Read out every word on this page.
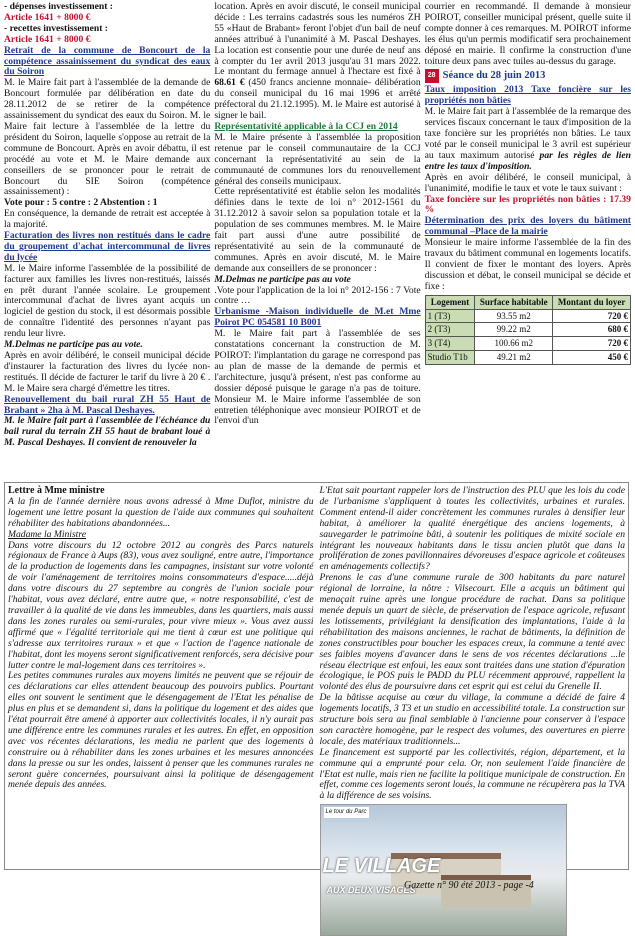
- dépenses investissement :

Article 1641 + 8000 €

- recettes investissement :

Article 1641 + 8000 €

Retrait de la commune de Boncourt de la compétence assainissement du syndicat des eaux du Soiron

M. le Maire fait part à l'assemblée de la demande de Boncourt formulée par délibération en date du 28.11.2012 de se retirer de la compétence assainissement du syndicat des eaux du Soiron. M. le Maire fait lecture à l'assemblée de la lettre du président du Soiron, laquelle s'oppose au retrait de la commune de Boncourt. Après en avoir débattu, il est procédé au vote et M. le Maire demande aux conseillers de se prononcer pour le retrait de Boncourt du SIE Soiron (compétence assainissement) :

Vote pour : 5 contre : 2 Abstention : 1

En conséquence, la demande de retrait est acceptée à la majorité.

Facturation des livres non restitués dans le cadre du groupement d'achat intercommunal de livres du lycée

M. le Maire informe l'assemblée de la possibilité de facturer aux familles les livres non-restitués, laissés en prêt durant l'année scolaire. Le groupement intercommunal d'achat de livres ayant acquis un logiciel de gestion du stock, il est désormais possible de connaître l'identité des personnes n'ayant pas rendu leur livre.

M.Delmas ne participe pas au vote.

Après en avoir délibéré, le conseil municipal décide d'instaurer la facturation des livres du lycée non-restitués. Il décide de facturer le tarif du livre à 20 € . M. le Maire sera chargé d'émettre les titres.

Renouvellement du bail rural ZH 55 Haut de Brabant » 2ha à M. Pascal Deshayes.

M. le Maire fait part à l'assemblée de l'échéance du bail rural du terrain ZH 55 haut de brabant loué à M. Pascal Deshayes. Il convient de renouveler la

location. Après en avoir discuté, le conseil municipal décide : Les terrains cadastrés sous les numéros ZH 55 «Haut de Brabant» feront l'objet d'un bail de neuf années attribué à l'unanimité à M. Pascal Deshayes. La location est consentie pour une durée de neuf ans à compter du 1er avril 2013 jusqu'au 31 mars 2022. Le montant du fermage annuel à l'hectare est fixé à 68.61 € (450 francs ancienne monnaie- délibération du conseil municipal du 16 mai 1996 et arrêté préfectoral du 21.12.1995). M. le Maire est autorisé à signer le bail.

Représentativité applicable à la CCJ en 2014

M. le Maire présente à l'assemblée la proposition retenue par le conseil communautaire de la CCJ concernant la représentativité au sein de la communauté de communes lors du renouvellement général des conseils municipaux.

Cette représentativité est établie selon les modalités définies dans le texte de loi n° 2012-1561 du 31.12.2012 à savoir selon sa population totale et la population de ses communes membres. M. le Maire fait part aussi d'une autre possibilité de représentativité au sein de la communauté de communes. Après en avoir discuté, M. le Maire demande aux conseillers de se prononcer :

M.Delmas ne participe pas au vote

.Vote pour l'application de la loi n° 2012-156 : 7 Vote contre …

Urbanisme -Maison individuelle de M.et Mme Poirot PC 054581 10 B001

M. le Maire fait part à l'assemblée de ses constatations concernant la construction de M. POIROT: l'implantation du garage ne correspond pas au plan de masse de la demande de permis et l'architecture, jusqu'à présent, n'est pas conforme au dossier déposé puisque le garage n'a pas de toiture. Monsieur M. le Maire informe l'assemblée de son entretien téléphonique avec monsieur POIROT et de l'envoi d'un

courrier en recommandé. Il demande à monsieur POIROT, conseiller municipal présent, quelle suite il compte donner à ces remarques. M. POIROT informe les élus qu'un permis modificatif sera prochainement déposé en mairie. Il confirme la construction d'une toiture deux pans avec tuiles au-dessus du garage.

28 Séance du 28 juin 2013

Taux imposition 2013 Taxe foncière sur les propriétés non bâties

M. le Maire fait part à l'assemblée de la remarque des services fiscaux concernant le taux d'imposition de la taxe foncière sur les propriétés non bâties. Le taux voté par le conseil municipal le 3 avril est supérieur au taux maximum autorisé par les règles de lien entre les taux d'imposition.

Après en avoir délibéré, le conseil municipal, à l'unanimité, modifie le taux et vote le taux suivant :

Taxe foncière sur les propriétés non bâties : 17.39 %

Détermination des prix des loyers du bâtiment communal –Place de la mairie

Monsieur le maire informe l'assemblée de la fin des travaux du bâtiment communal en logements locatifs. Il convient de fixer le montant des loyers. Après discussion et débat, le conseil municipal se décide et fixe :

Logement	Surface habitable	Montant du loyer
1 (T3)	93.55 m2	720 €
2 (T3)	99.22 m2	680 €
3 (T4)	100.66 m2	720 €
Studio T1b	49.21 m2	450 €

Lettre à Mme ministre

A la fin de l'année dernière nous avons adressé à Mme Duflot, ministre du logement une lettre posant la question de l'aide aux communes qui souhaitent réhabiliter des habitations abandonnées...

Madame la Ministre

Dans votre discours du 12 octobre 2012 au congrès des Parcs naturels régionaux de France à Aups (83), vous avez souligné, entre autre, l'importance de la production de logements dans les campagnes, insistant sur votre volonté de voir l'aménagement de territoires moins consommateurs d'espace.....déjà dans votre discours du 27 septembre au congrès de l'union sociale pour l'habitat, vous avez déclaré, entre autre que, « notre responsabilité, c'est de travailler à la qualité de vie dans les immeubles, dans les quartiers, mais aussi dans les zones rurales ou semi-rurales, pour vivre mieux ». Vous avez aussi affirmé que « l'égalité territoriale qui me tient à cœur est une politique qui s'adresse aux territoires ruraux » et que « l'action de l'agence nationale de l'habitat, dont les moyens seront significativement renforcés, sera décisive pour lutter contre le mal-logement dans ces territoires ».

Les petites communes rurales aux moyens limités ne peuvent que se réjouir de ces déclarations car elles attendent beaucoup des pouvoirs publics. Pourtant elles ont souvent le sentiment que le désengagement de l'Etat les pénalise de plus en plus et se demandent si, dans la politique du logement et des aides que l'état pourrait être amené à apporter aux collectivités locales, il n'y aurait pas une différence entre les communes rurales et les autres. En effet, en opposition avec vos récentes déclarations, les media ne parlent que des logements à construire ou à réhabiliter dans les zones urbaines et les mesures annoncées dans la presse ou sur les ondes, laissent à penser que les communes rurales ne seront guère concernées, poursuivant ainsi la politique de désengagement menée depuis des années.

L'Etat sait pourtant rappeler lors de l'instruction des PLU que les lois du code de l'urbanisme s'appliquent à toutes les collectivités, urbaines et rurales. Comment entend-il aider concrètement les communes rurales à densifier leur habitat, à améliorer la qualité énergétique des anciens logements, à sauvegarder le patrimoine bâti, à soutenir les politiques de mixité sociale en intégrant les nouveaux habitants dans le tissu ancien plutôt que dans la prolifération de zones pavillonnaires dévoreuses d'espace agricole et coûteuses en aménagements collectifs?

Prenons le cas d'une commune rurale de 300 habitants du parc naturel régional de lorraine, la nôtre : Vilsecourt. Elle a acquis un bâtiment qui menaçait ruine après une longue procédure de rachat. Dans sa politique menée depuis un quart de siècle, de préservation de l'espace agricole, refusant les lotissements, privilégiant la densification des implantations, l'aide à la réhabilitation des maisons anciennes, le rachat de bâtiments, la définition de zones constructibles pour boucher les espaces creux, la commune a tenté avec ses faibles moyens d'avancer dans le sens de vos récentes déclarations ...le réseau électrique est enfoui, les eaux sont traitées dans une station d'épuration écologique, le POS puis le PADD du PLU récemment approuvé, rappellent la volonté des élus de poursuivre dans cet esprit qui est celui du Grenelle II.

De la bâtisse acquise au cœur du village, la commune a décidé de faire 4 logements locatifs, 3 T3 et un studio en accessibilité totale. La construction sur structure bois sera au final semblable à l'ancienne pour conserver à l'espace son caractère homogène, par le respect des volumes, des ouvertures en pierre locale, des matériaux traditionnels...

Le financement est supporté par les collectivités, région, département, et la commune qui a emprunté pour cela. Or, non seulement l'aide financière de l'Etat est nulle, mais rien ne facilite la politique municipale de construction. En effet, comme ces logements seront loués, la commune ne récupèrera pas la TVA à la différence de ses voisins.

Le tour du Parc
LE VILLAGE
AUX DEUX VISAGES
Gazette n° 90 été 2013 - page -4
